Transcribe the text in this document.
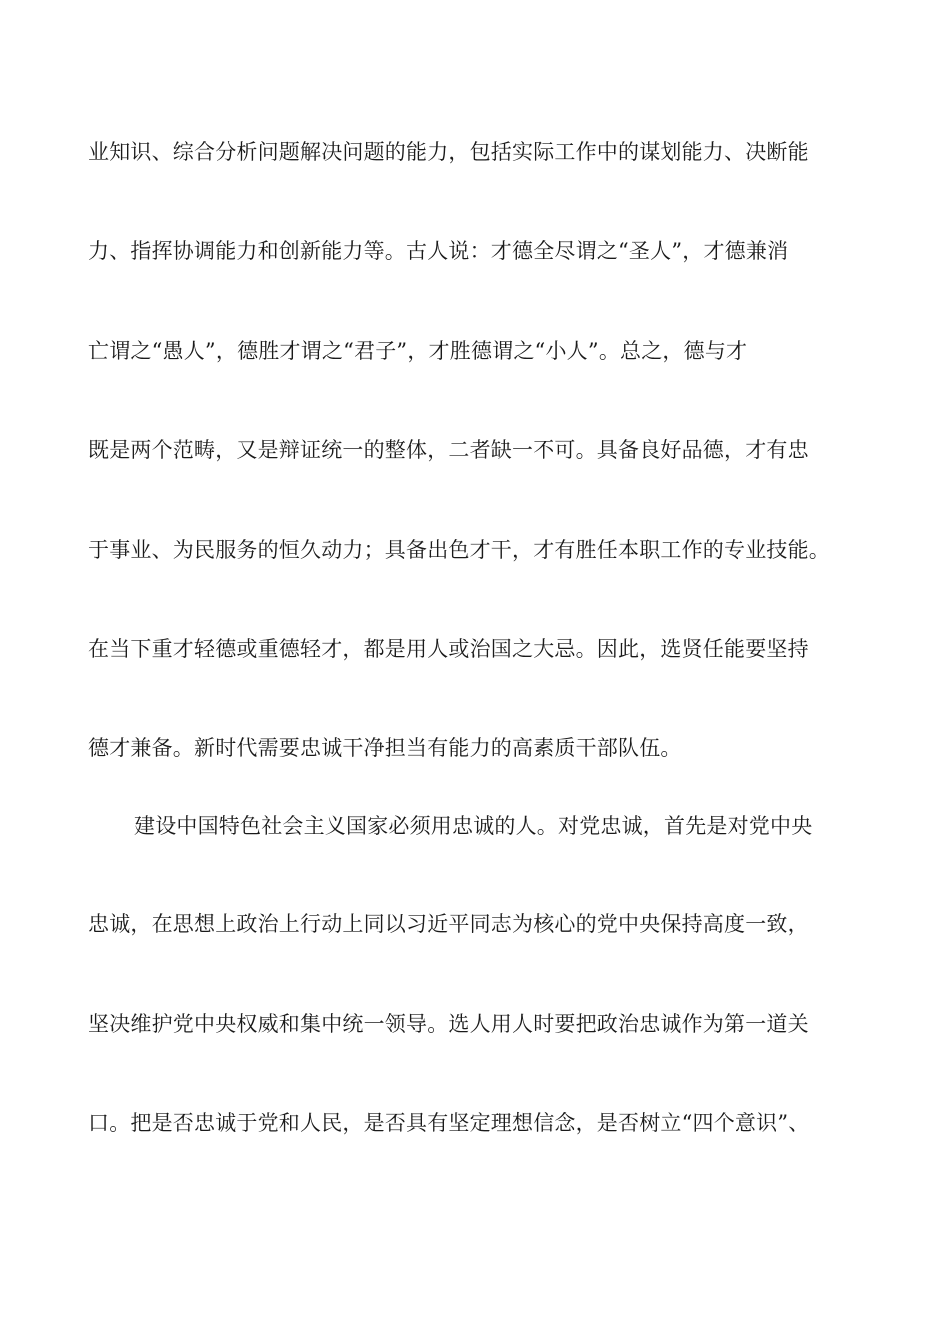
业知识、综合分析问题解决问题的能力，包括实际工作中的谋划能力、决断能
力、指挥协调能力和创新能力等。古人说：才德全尽谓之“圣人”，才德兼消
亡谓之“愚人”，德胜才谓之“君子”，才胜德谓之“小人”。总之，德与才
既是两个范畴，又是辩证统一的整体，二者缺一不可。具备良好品德，才有忠
于事业、为民服务的恒久动力；具备出色才干，才有胜任本职工作的专业技能。
在当下重才轻德或重德轻才，都是用人或治国之大忌。因此，选贤任能要坚持
德才兼备。新时代需要忠诚干净担当有能力的高素质干部队伍。
建设中国特色社会主义国家必须用忠诚的人。对党忠诚，首先是对党中央
忠诚，在思想上政治上行动上同以习近平同志为核心的党中央保持高度一致，
坚决维护党中央权威和集中统一领导。选人用人时要把政治忠诚作为第一道关
口。把是否忠诚于党和人民，是否具有坚定理想信念，是否树立“四个意识”、
